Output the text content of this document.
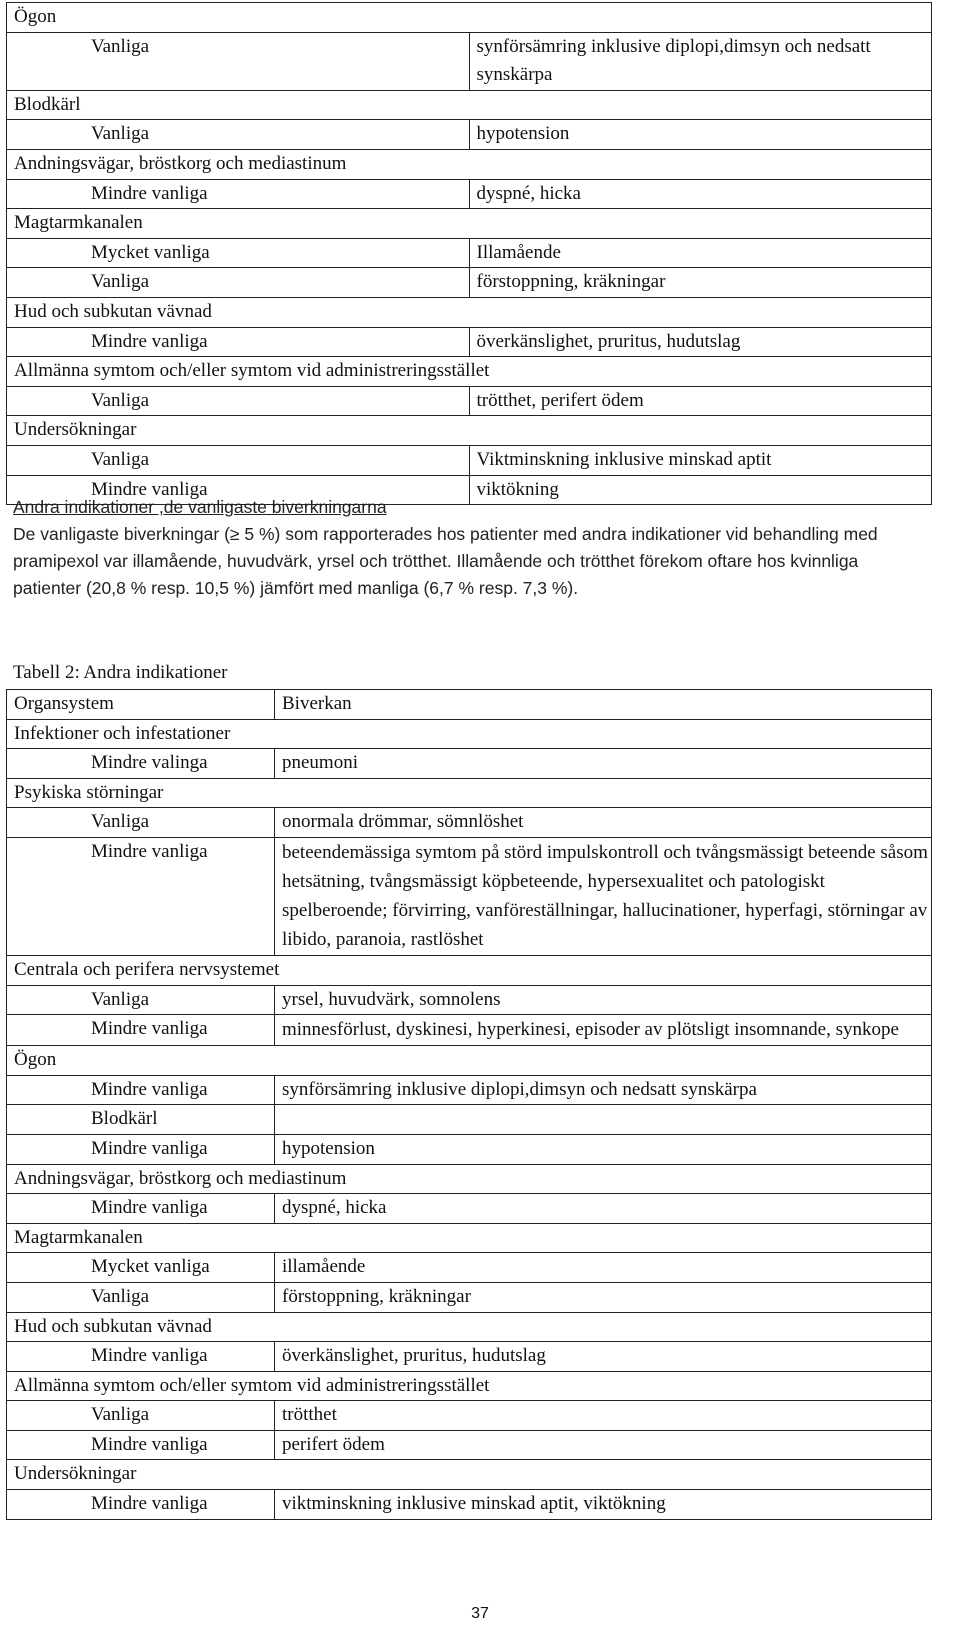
Ögon	
Vanliga	synförsämring inklusive diplopi,dimsyn och nedsatt synskärpa
Blodkärl	
Vanliga	hypotension
Andningsvägar, bröstkorg och mediastinum	
Mindre vanliga	dyspné, hicka
Magtarmkanalen	
Mycket vanliga	Illamående
Vanliga	förstoppning, kräkningar
Hud och subkutan vävnad	
Mindre vanliga	överkänslighet, pruritus, hudutslag
Allmänna symtom och/eller symtom vid administreringsstället	
Vanliga	trötthet, perifert ödem
Undersökningar	
Vanliga	Viktminskning inklusive minskad aptit
Mindre vanliga	viktökning
Andra indikationer ,de vanligaste biverkningarna
De vanligaste biverkningar (≥ 5 %) som rapporterades hos patienter med andra indikationer vid behandling med pramipexol var illamående, huvudvärk, yrsel och trötthet. Illamående och trötthet förekom oftare hos kvinnliga patienter (20,8 % resp. 10,5 %) jämfört med manliga (6,7 % resp. 7,3 %).
Tabell 2: Andra indikationer
Organsystem	Biverkan
Infektioner och infestationer	
Mindre valinga	pneumoni
Psykiska störningar	
Vanliga	onormala drömmar, sömnlöshet
Mindre vanliga	beteendemässiga symtom på störd impulskontroll och tvångsmässigt beteende såsom hetsätning, tvångsmässigt köpbeteende, hypersexualitet och patologiskt spelberoende; förvirring, vanföreställningar, hallucinationer, hyperfagi, störningar av libido, paranoia, rastlöshet
Centrala och perifera nervsystemet	
Vanliga	yrsel, huvudvärk, somnolens
Mindre vanliga	minnesförlust, dyskinesi, hyperkinesi, episoder av plötsligt insomnande, synkope
Ögon	
Mindre vanliga	synförsämring inklusive diplopi,dimsyn och nedsatt synskärpa
Blodkärl	
Mindre vanliga	hypotension
Andningsvägar, bröstkorg och mediastinum	
Mindre vanliga	dyspné, hicka
Magtarmkanalen	
Mycket vanliga	illamående
Vanliga	förstoppning, kräkningar
Hud och subkutan vävnad	
Mindre vanliga	överkänslighet, pruritus, hudutslag
Allmänna symtom och/eller symtom vid administreringsstället	
Vanliga	trötthet
Mindre vanliga	perifert ödem
Undersökningar	
Mindre vanliga	viktminskning inklusive minskad aptit, viktökning
37
